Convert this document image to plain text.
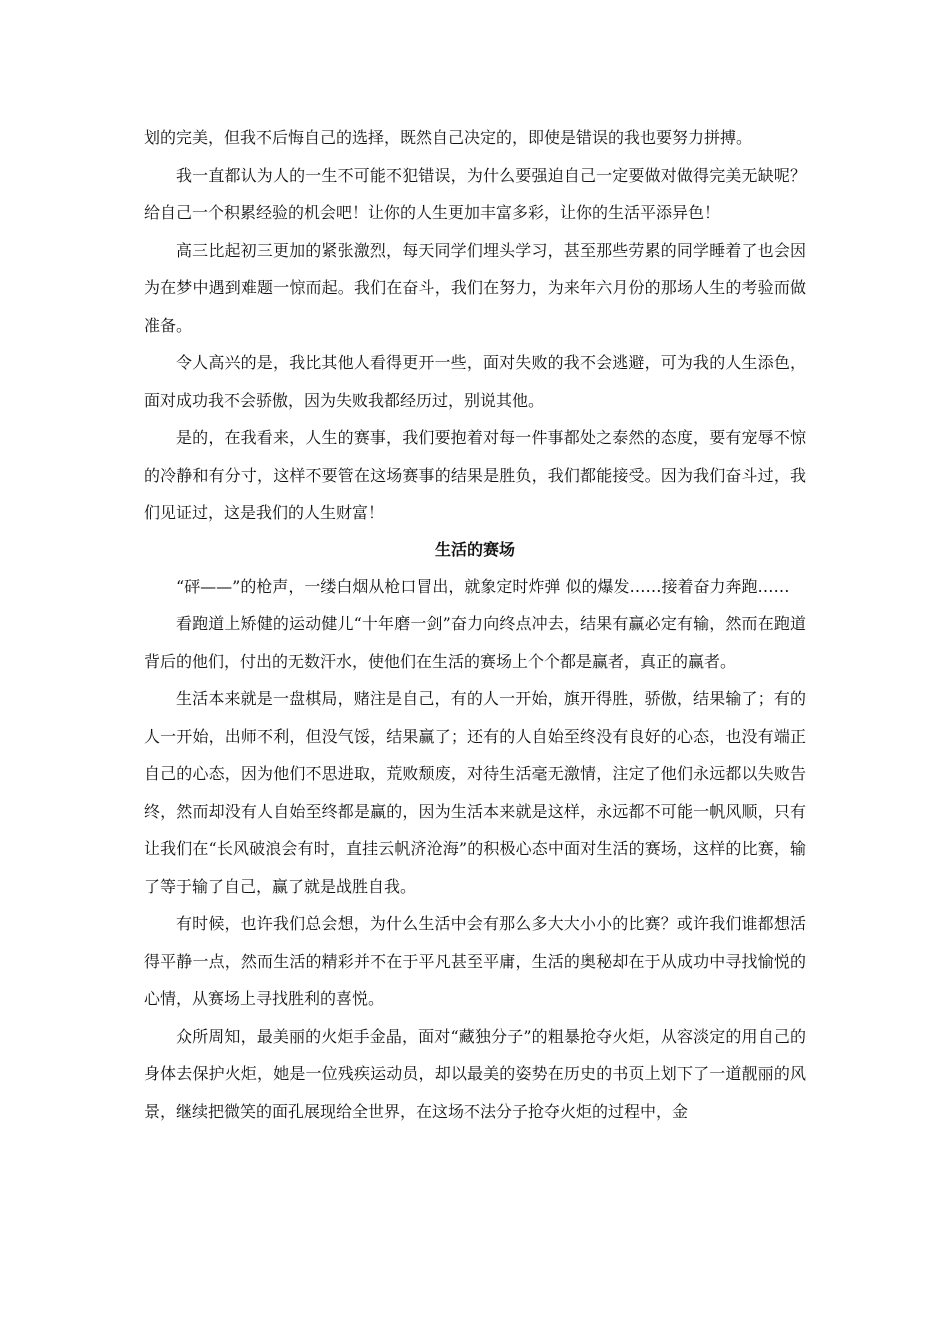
划的完美，但我不后悔自己的选择，既然自己决定的，即使是错误的我也要努力拼搏。

我一直都认为人的一生不可能不犯错误，为什么要强迫自己一定要做对做得完美无缺呢？给自己一个积累经验的机会吧！让你的人生更加丰富多彩，让你的生活平添异色！

高三比起初三更加的紧张激烈，每天同学们埋头学习，甚至那些劳累的同学睡着了也会因为在梦中遇到难题一惊而起。我们在奋斗，我们在努力，为来年六月份的那场人生的考验而做准备。

令人高兴的是，我比其他人看得更开一些，面对失败的我不会逃避，可为我的人生添色，面对成功我不会骄傲，因为失败我都经历过，别说其他。

是的，在我看来，人生的赛事，我们要抱着对每一件事都处之泰然的态度，要有宠辱不惊的冷静和有分寸，这样不要管在这场赛事的结果是胜负，我们都能接受。因为我们奋斗过，我们见证过，这是我们的人生财富！

生活的赛场

“砰——”的枪声，一缕白烟从枪口冒出，就象定时炸弹 似的爆发……接着奋力奔跑……

看跑道上矫健的运动健儿“十年磨一剑”奋力向终点冲去，结果有赢必定有输，然而在跑道背后的他们，付出的无数汗水，使他们在生活的赛场上个个都是赢者，真正的赢者。

生活本来就是一盘棋局，赌注是自己，有的人一开始，旗开得胜，骄傲，结果输了；有的人一开始，出师不利，但没气馁，结果赢了；还有的人自始至终没有良好的心态，也没有端正自己的心态，因为他们不思进取，荒败颓废，对待生活毫无激情，注定了他们永远都以失败告终，然而却没有人自始至终都是赢的，因为生活本来就是这样，永远都不可能一帆风顺，只有让我们在“长风破浪会有时，直挂云帆济沧海”的积极心态中面对生活的赛场，这样的比赛，输了等于输了自己，赢了就是战胜自我。

有时候，也许我们总会想，为什么生活中会有那么多大大小小的比赛？或许我们谁都想活得平静一点，然而生活的精彩并不在于平凡甚至平庸，生活的奥秘却在于从成功中寻找愉悦的心情，从赛场上寻找胜利的喜悦。

众所周知，最美丽的火炬手金晶，面对“藏独分子”的粗暴抢夺火炬，从容淡定的用自己的身体去保护火炬，她是一位残疾运动员，却以最美的姿势在历史的书页上划下了一道靓丽的风景，继续把微笑的面孔展现给全世界，在这场不法分子抢夺火炬的过程中，金
